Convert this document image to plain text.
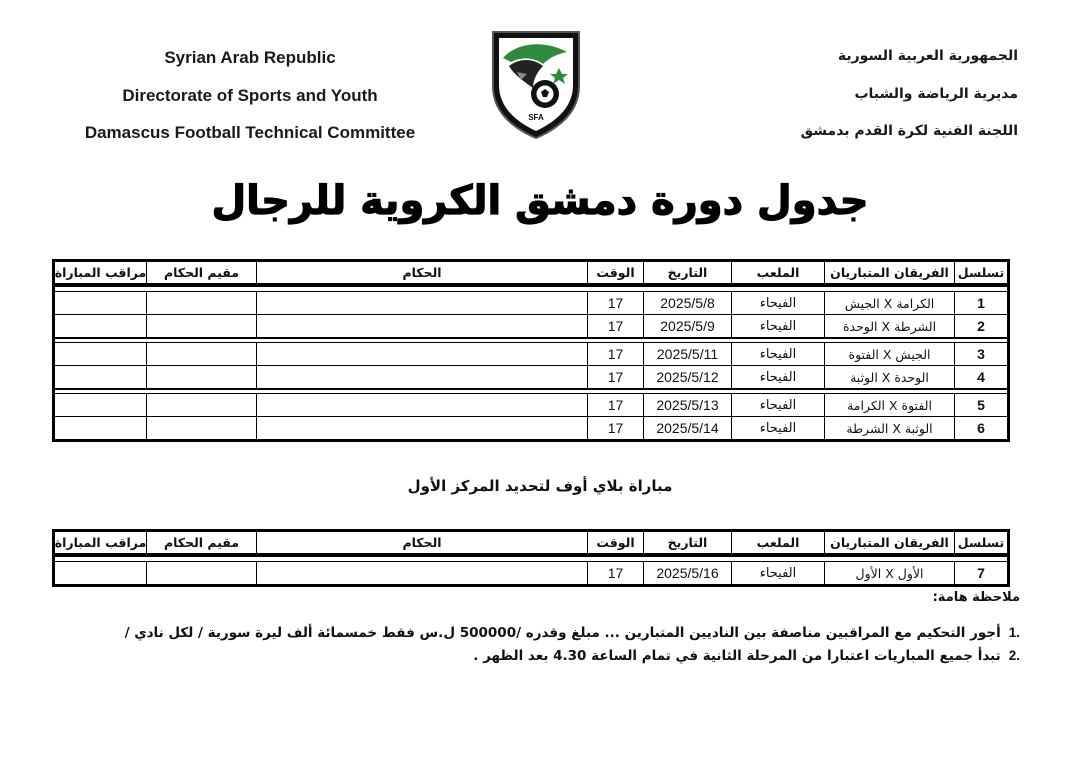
Syrian Arab Republic
Directorate of Sports and Youth
Damascus Football Technical Committee
الجمهورية العربية السورية
مديرية الرياضة والشباب
اللجنة الفنية لكرة القدم بدمشق
SFA
جدول دورة دمشق الكروية للرجال
تسلسل
الفريقان المتباريان
الملعب
التاريخ
الوقت
الحكام
مقيم الحكام
مراقب المباراة
1
الكرامة X الجيش
الفيحاء
2025/5/8
17
2
الشرطة X الوحدة
الفيحاء
2025/5/9
17
3
الجيش X الفتوة
الفيحاء
2025/5/11
17
4
الوحدة X الوثبة
الفيحاء
2025/5/12
17
5
الفتوة X الكرامة
الفيحاء
2025/5/13
17
6
الوثبة X الشرطة
الفيحاء
2025/5/14
17
مباراة بلاي أوف لتحديد المركز الأول
تسلسل
الفريقان المتباريان
الملعب
التاريخ
الوقت
الحكام
مقيم الحكام
مراقب المباراة
7
الأول X الأول
الفيحاء
2025/5/16
17
ملاحظة هامة:
.1أجور التحكيم مع المراقبين مناصفة بين الناديين المتبارين ... مبلغ وقدره /500000 ل.س فقط خمسمائة ألف ليرة سورية / لكل نادي /
.2تبدأ جميع المباريات اعتبارا من المرحلة الثانية في تمام الساعة 4.30 بعد الظهر .
